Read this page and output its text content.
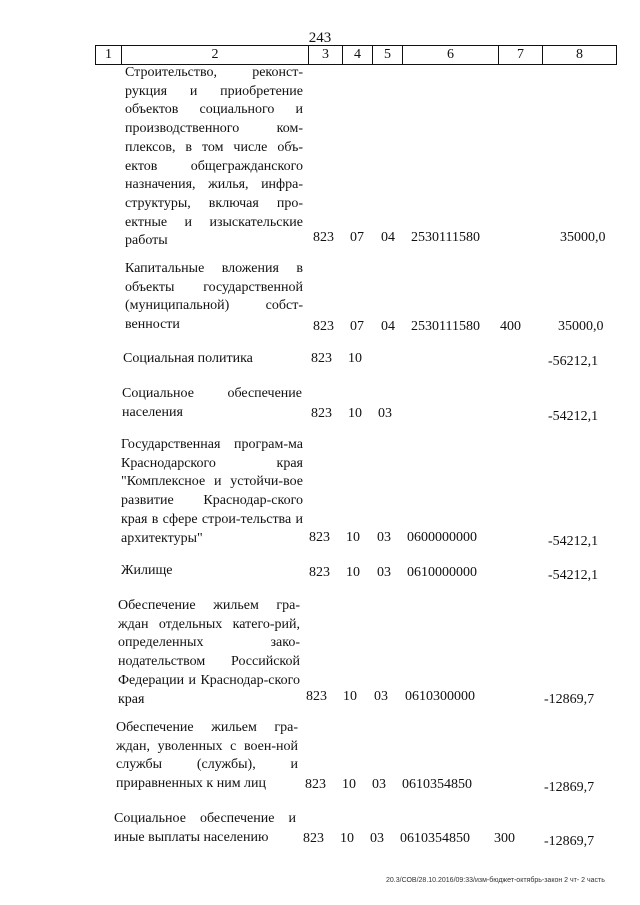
243
1	2	3	4	5	6	7	8
Строительство, реконст-рукция и приобретение объектов социального и производственного ком-плексов, в том числе объ-ектов общегражданского назначения, жилья, инфра-структуры, включая про-ектные и изыскательские работы	823 07 04 2530111580	35000,0
Капитальные вложения в объекты государственной (муниципальной) собст-венности	823 07 04 2530111580 400	35000,0
Социальная политика	823 10	-56212,1
Социальное обеспечение населения	823 10 03	-54212,1
Государственная програм-ма Краснодарского края "Комплексное и устойчи-вое развитие Краснодар-ского края в сфере строи-тельства и архитектуры"	823 10 03 0600000000	-54212,1
Жилище	823 10 03 0610000000	-54212,1
Обеспечение жильем гра-ждан отдельных катего-рий, определенных зако-нодательством Российской Федерации и Краснодар-ского края	823 10 03 0610300000	-12869,7
Обеспечение жильем гра-ждан, уволенных с воен-ной службы (службы), и приравненных к ним лиц	823 10 03 0610354850	-12869,7
Социальное обеспечение и иные выплаты населению	823 10 03 0610354850 300 -12869,7
20.3/СОВ/28.10.2016/09:33/изм-бюджет-октябрь-закон 2 чт- 2 часть
